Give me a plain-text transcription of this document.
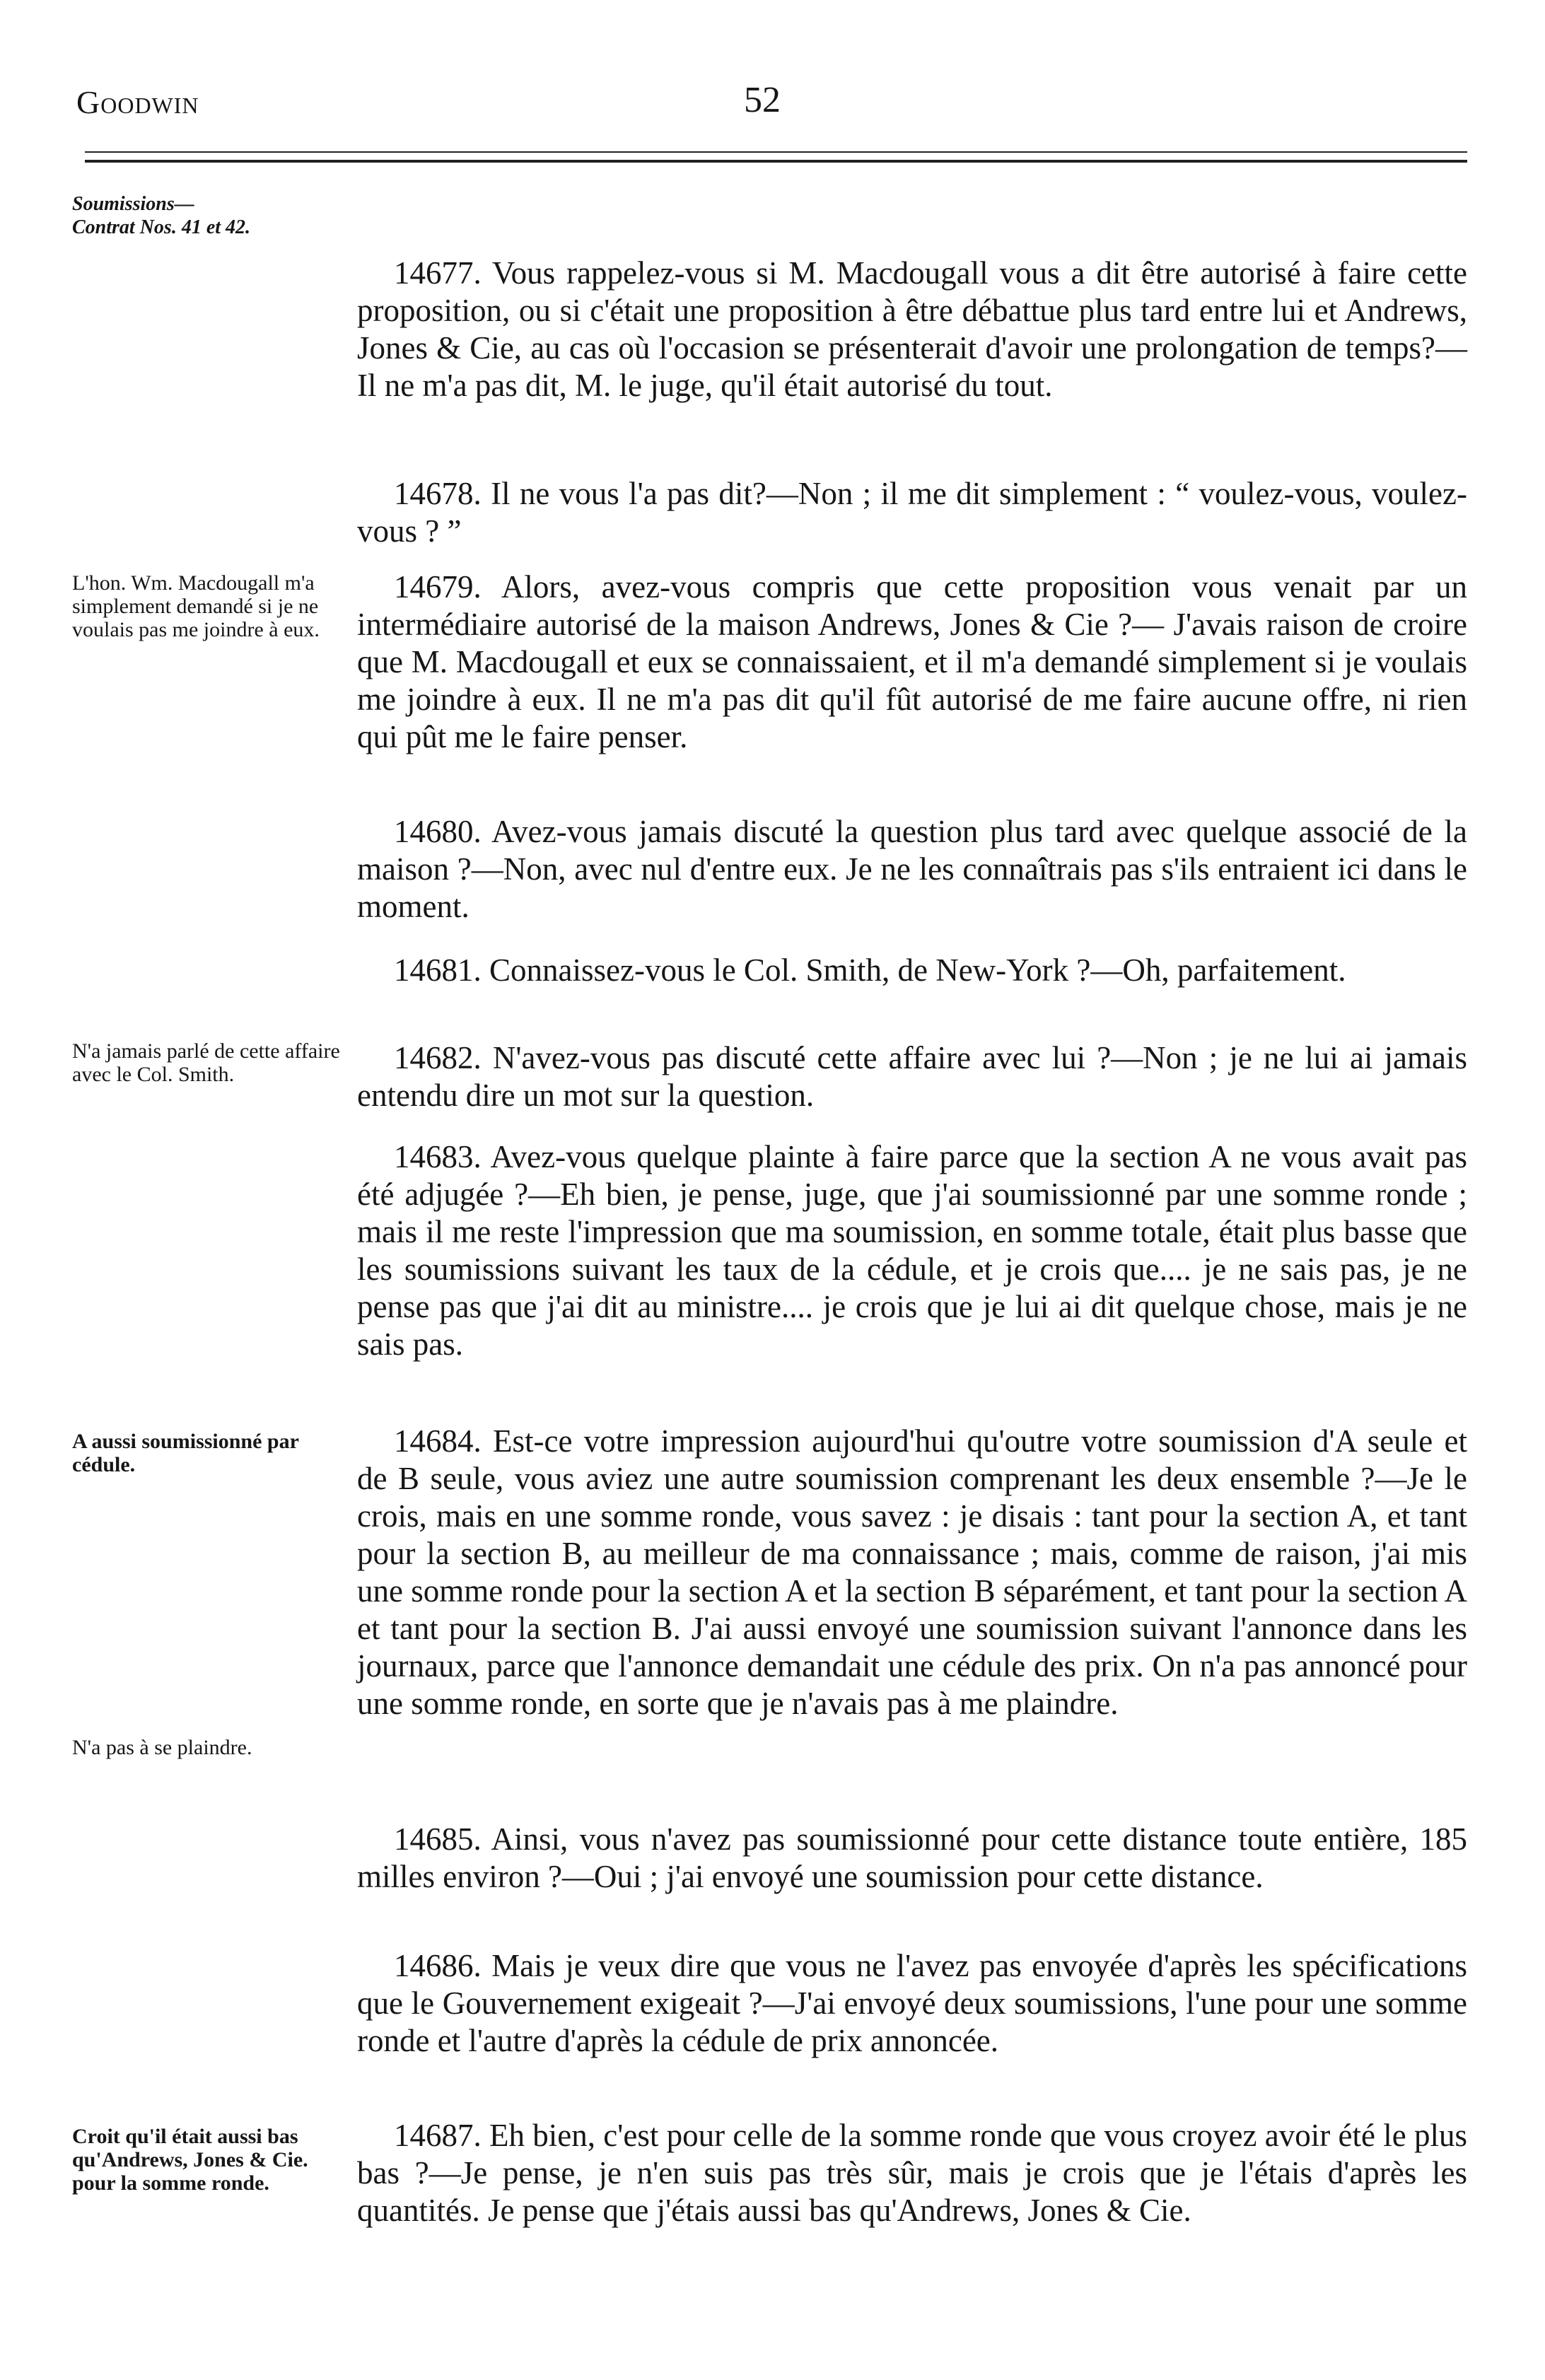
Goodwin	52
Soumissions— Contrat Nos. 41 et 42.
L'hon. Wm. Macdougall m'a simplement demandé si je ne voulais pas me joindre à eux.
N'a jamais parlé de cette affaire avec le Col. Smith.
A aussi soumissionné par cédule.
N'a pas à se plaindre.
Croit qu'il était aussi bas qu'Andrews, Jones & Cie. pour la somme ronde.
14677. Vous rappelez-vous si M. Macdougall vous a dit être autorisé à faire cette proposition, ou si c'était une proposition à être débattue plus tard entre lui et Andrews, Jones & Cie, au cas où l'occasion se présenterait d'avoir une prolongation de temps?—Il ne m'a pas dit, M. le juge, qu'il était autorisé du tout.
14678. Il ne vous l'a pas dit?—Non ; il me dit simplement : “ voulez-vous, voulez-vous ? ”
14679. Alors, avez-vous compris que cette proposition vous venait par un intermédiaire autorisé de la maison Andrews, Jones & Cie ?— J'avais raison de croire que M. Macdougall et eux se connaissaient, et il m'a demandé simplement si je voulais me joindre à eux. Il ne m'a pas dit qu'il fût autorisé de me faire aucune offre, ni rien qui pût me le faire penser.
14680. Avez-vous jamais discuté la question plus tard avec quelque associé de la maison ?—Non, avec nul d'entre eux. Je ne les connaîtrais pas s'ils entraient ici dans le moment.
14681. Connaissez-vous le Col. Smith, de New-York ?—Oh, parfaitement.
14682. N'avez-vous pas discuté cette affaire avec lui ?—Non ; je ne lui ai jamais entendu dire un mot sur la question.
14683. Avez-vous quelque plainte à faire parce que la section A ne vous avait pas été adjugée ?—Eh bien, je pense, juge, que j'ai soumissionné par une somme ronde ; mais il me reste l'impression que ma soumission, en somme totale, était plus basse que les soumissions suivant les taux de la cédule, et je crois que.... je ne sais pas, je ne pense pas que j'ai dit au ministre.... je crois que je lui ai dit quelque chose, mais je ne sais pas.
14684. Est-ce votre impression aujourd'hui qu'outre votre soumission d'A seule et de B seule, vous aviez une autre soumission comprenant les deux ensemble ?—Je le crois, mais en une somme ronde, vous savez : je disais : tant pour la section A, et tant pour la section B, au meilleur de ma connaissance ; mais, comme de raison, j'ai mis une somme ronde pour la section A et la section B séparément, et tant pour la section A et tant pour la section B. J'ai aussi envoyé une soumission suivant l'annonce dans les journaux, parce que l'annonce demandait une cédule des prix. On n'a pas annoncé pour une somme ronde, en sorte que je n'avais pas à me plaindre.
14685. Ainsi, vous n'avez pas soumissionné pour cette distance toute entière, 185 milles environ ?—Oui ; j'ai envoyé une soumission pour cette distance.
14686. Mais je veux dire que vous ne l'avez pas envoyée d'après les spécifications que le Gouvernement exigeait ?—J'ai envoyé deux soumissions, l'une pour une somme ronde et l'autre d'après la cédule de prix annoncée.
14687. Eh bien, c'est pour celle de la somme ronde que vous croyez avoir été le plus bas ?—Je pense, je n'en suis pas très sûr, mais je crois que je l'étais d'après les quantités. Je pense que j'étais aussi bas qu'Andrews, Jones & Cie.
